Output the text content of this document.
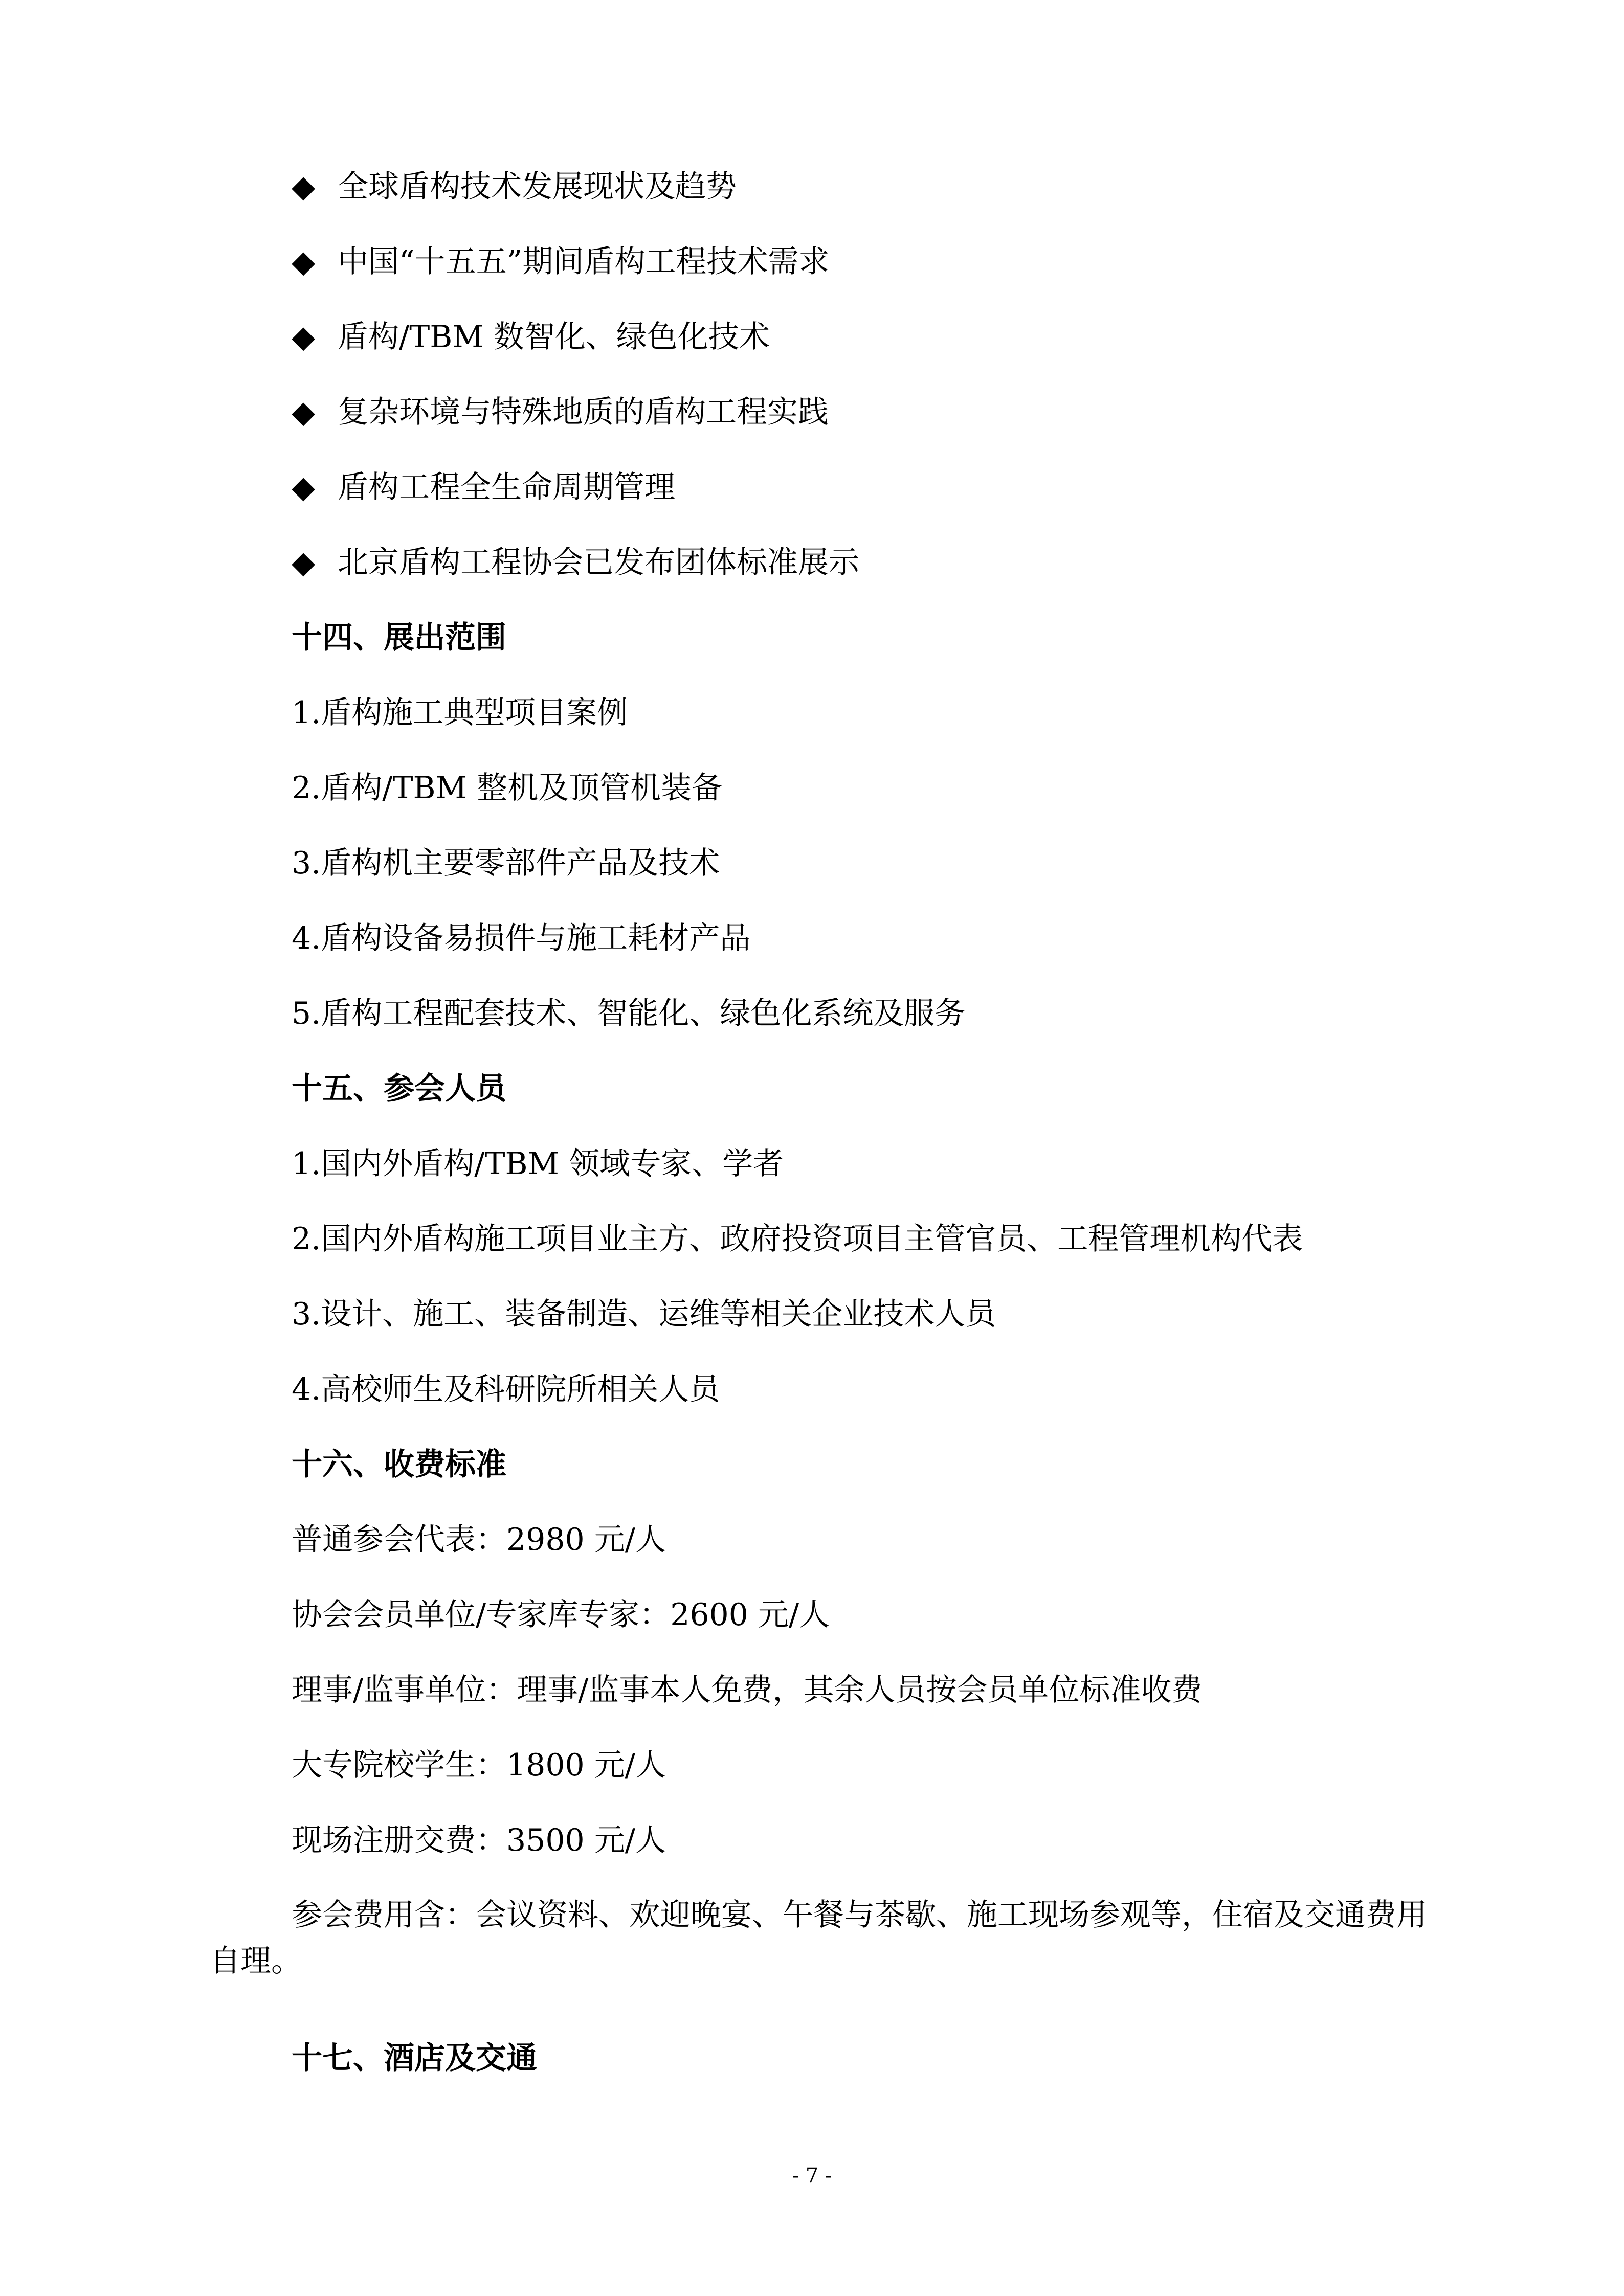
◆ 全球盾构技术发展现状及趋势
◆ 中国“十五五”期间盾构工程技术需求
◆ 盾构/TBM 数智化、绿色化技术
◆ 复杂环境与特殊地质的盾构工程实践
◆ 盾构工程全生命周期管理
◆ 北京盾构工程协会已发布团体标准展示
十四、展出范围
1.盾构施工典型项目案例
2.盾构/TBM 整机及顶管机装备
3.盾构机主要零部件产品及技术
4.盾构设备易损件与施工耗材产品
5.盾构工程配套技术、智能化、绿色化系统及服务
十五、参会人员
1.国内外盾构/TBM 领域专家、学者
2.国内外盾构施工项目业主方、政府投资项目主管官员、工程管理机构代表
3.设计、施工、装备制造、运维等相关企业技术人员
4.高校师生及科研院所相关人员
十六、收费标准
普通参会代表：2980 元/人
协会会员单位/专家库专家：2600 元/人
理事/监事单位：理事/监事本人免费，其余人员按会员单位标准收费
大专院校学生：1800 元/人
现场注册交费：3500 元/人
参会费用含：会议资料、欢迎晚宴、午餐与茶歇、施工现场参观等，住宿及交通费用自理。
十七、酒店及交通
- 7 -
